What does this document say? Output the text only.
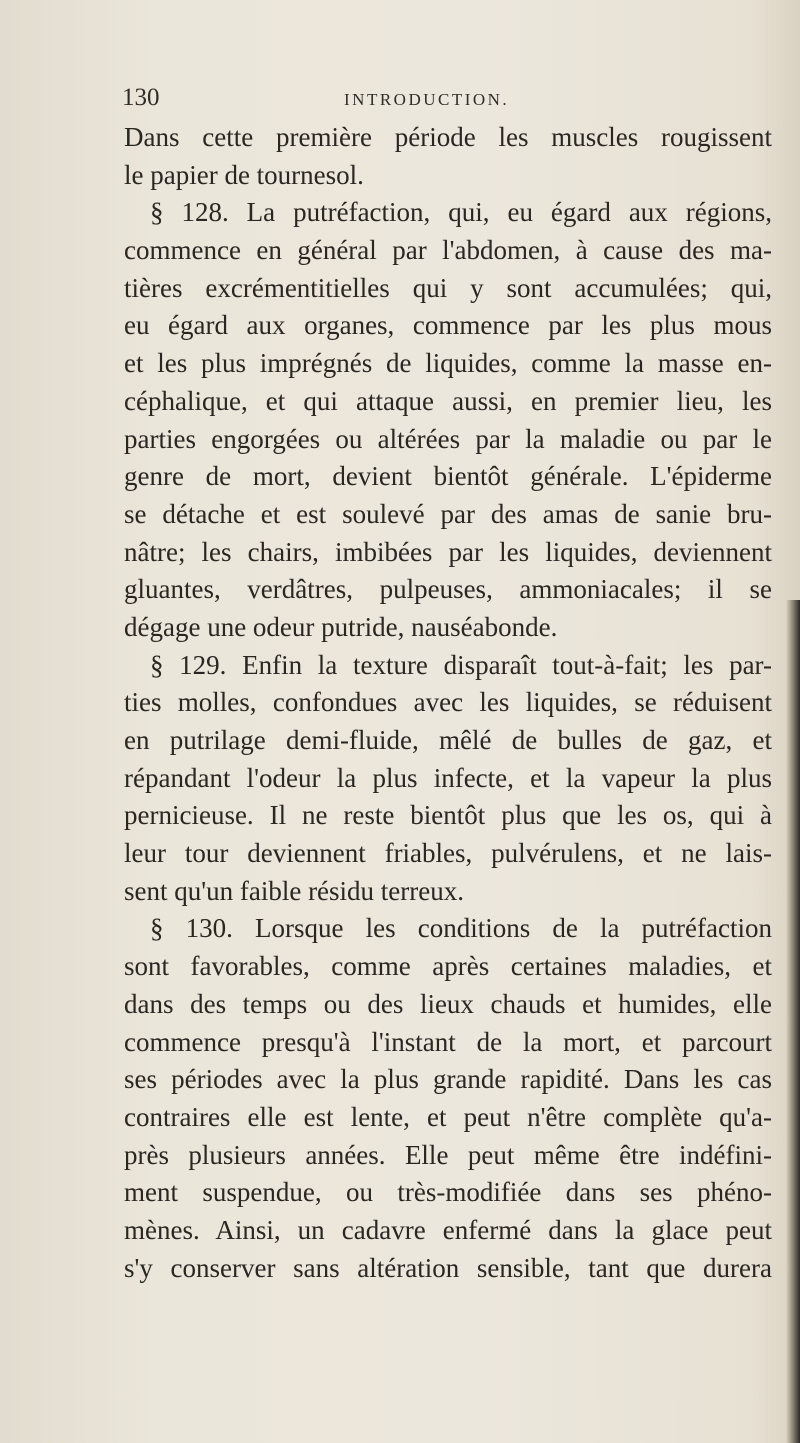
130	INTRODUCTION.
Dans cette première période les muscles rougissent
le papier de tournesol.
§ 128. La putréfaction, qui, eu égard aux régions,
commence en général par l'abdomen, à cause des ma-
tières excrémentitielles qui y sont accumulées; qui,
eu égard aux organes, commence par les plus mous
et les plus imprégnés de liquides, comme la masse en-
céphalique, et qui attaque aussi, en premier lieu, les
parties engorgées ou altérées par la maladie ou par le
genre de mort, devient bientôt générale. L'épiderme
se détache et est soulevé par des amas de sanie bru-
nâtre; les chairs, imbibées par les liquides, deviennent
gluantes, verdâtres, pulpeuses, ammoniacales; il se
dégage une odeur putride, nauséabonde.
§ 129. Enfin la texture disparaît tout-à-fait; les par-
ties molles, confondues avec les liquides, se réduisent
en putrilage demi-fluide, mêlé de bulles de gaz, et
répandant l'odeur la plus infecte, et la vapeur la plus
pernicieuse. Il ne reste bientôt plus que les os, qui à
leur tour deviennent friables, pulvérulens, et ne lais-
sent qu'un faible résidu terreux.
§ 130. Lorsque les conditions de la putréfaction
sont favorables, comme après certaines maladies, et
dans des temps ou des lieux chauds et humides, elle
commence presqu'à l'instant de la mort, et parcourt
ses périodes avec la plus grande rapidité. Dans les cas
contraires elle est lente, et peut n'être complète qu'a-
près plusieurs années. Elle peut même être indéfini-
ment suspendue, ou très-modifiée dans ses phéno-
mènes. Ainsi, un cadavre enfermé dans la glace peut
s'y conserver sans altération sensible, tant que durera
